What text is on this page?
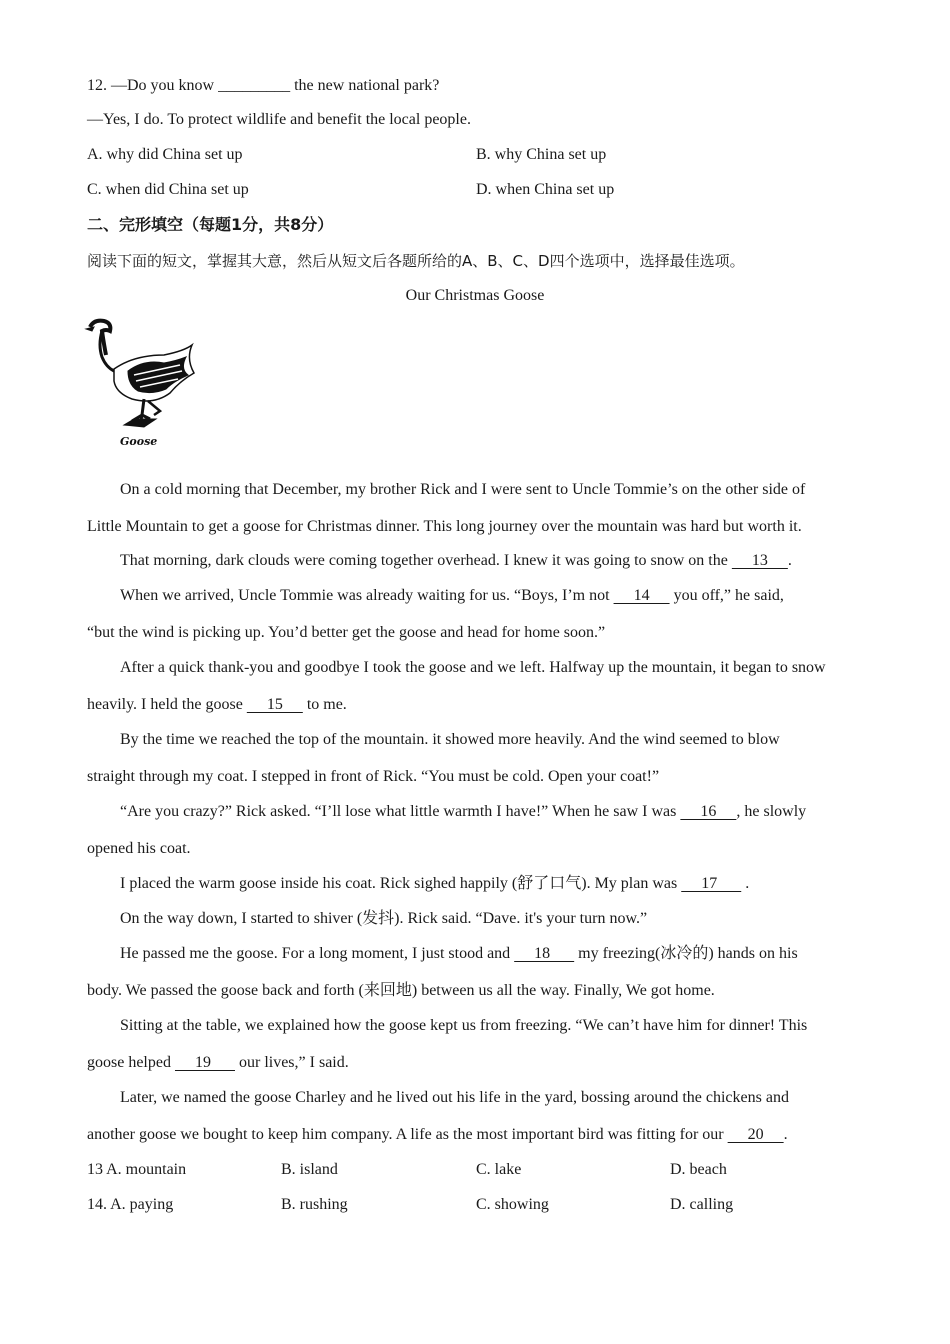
12. —Do you know _________ the new national park?
—Yes, I do. To protect wildlife and benefit the local people.
A. why did China set up	B. why China set up
C. when did China set up	D. when China set up
二、完形填空（每题1分，共8分）
阅读下面的短文，掌握其大意，然后从短文后各题所给的A、B、C、D四个选项中，选择最佳选项。
Our Christmas Goose
Goose
On a cold morning that December, my brother Rick and I were sent to Uncle Tommie’s on the other side of
Little Mountain to get a goose for Christmas dinner. This long journey over the mountain was hard but worth it.
That morning, dark clouds were coming together overhead. I knew it was going to snow on the      13     .
When we arrived, Uncle Tommie was already waiting for us. “Boys, I’m not      14      you off,” he said,
“but the wind is picking up. You’d better get the goose and head for home soon.”
After a quick thank-you and goodbye I took the goose and we left. Halfway up the mountain, it began to snow
heavily. I held the goose      15      to me.
By the time we reached the top of the mountain. it showed more heavily. And the wind seemed to blow
straight through my coat. I stepped in front of Rick. “You must be cold. Open your coat!”
“Are you crazy?” Rick asked. “I’ll lose what little warmth I have!” When he saw I was      16     , he slowly
opened his coat.
I placed the warm goose inside his coat. Rick sighed happily (舒了口气). My plan was      17       .
On the way down, I started to shiver (发抖). Rick said. “Dave. it's your turn now.”
He passed me the goose. For a long moment, I just stood and      18       my freezing(冰冷的) hands on his
body. We passed the goose back and forth (来回地) between us all the way. Finally, We got home.
Sitting at the table, we explained how the goose kept us from freezing. “We can’t have him for dinner! This
goose helped      19       our lives,” I said.
Later, we named the goose Charley and he lived out his life in the yard, bossing around the chickens and
another goose we bought to keep him company. A life as the most important bird was fitting for our      20     .
13 A. mountain	B. island	C. lake	D. beach
14. A. paying	B. rushing	C. showing	D. calling
